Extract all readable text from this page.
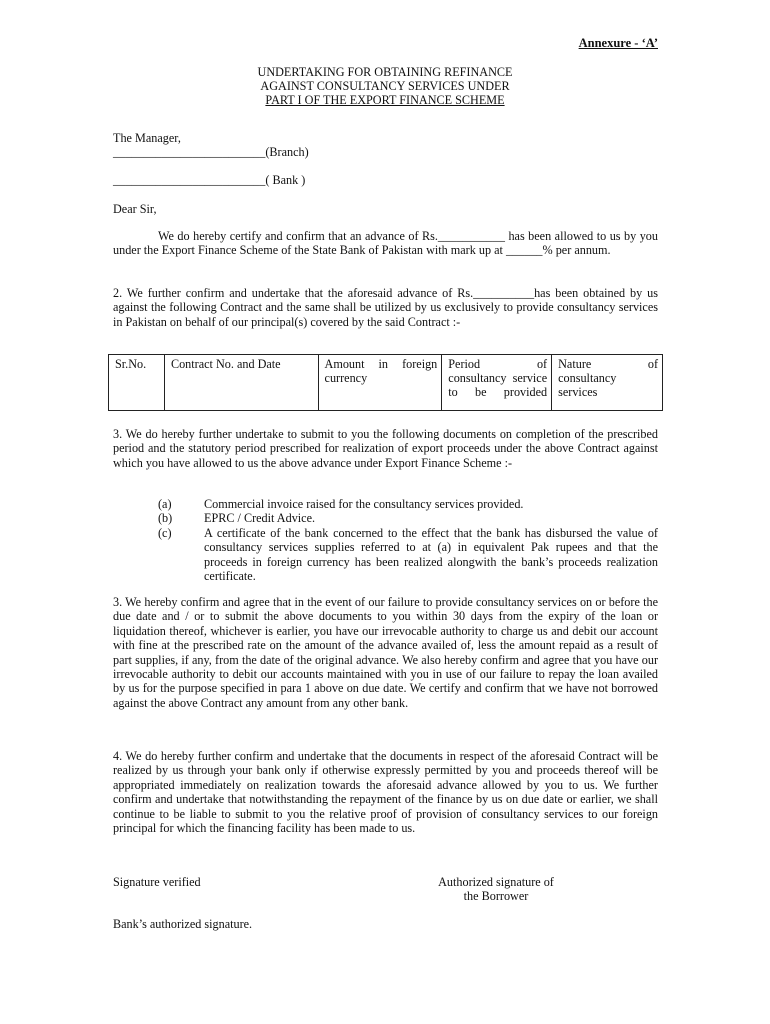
Annexure - ‘A’
UNDERTAKING FOR OBTAINING REFINANCE
AGAINST CONSULTANCY SERVICES UNDER
PART I OF THE EXPORT FINANCE SCHEME
The Manager,
_________________________(Branch)
_________________________( Bank )
Dear Sir,
We do hereby certify and confirm that an advance of Rs.___________ has been allowed to us by you under the Export Finance Scheme of the State Bank of Pakistan with mark up at ______% per annum.
2. We further confirm and undertake that the aforesaid advance of Rs.__________has been obtained by us against the following Contract and the same shall be utilized by us exclusively to provide consultancy services in Pakistan on behalf of our principal(s) covered by the said Contract :-
Sr.No.	Contract No. and Date	Amount in foreign currency	Period of consultancy service to be provided	Nature of consultancy services
3. We do hereby further undertake to submit to you the following documents on completion of the prescribed period and the statutory period prescribed for realization of export proceeds under the above Contract against which you have allowed to us the above advance under Export Finance Scheme :-
(a)	Commercial invoice raised for the consultancy services provided.
(b)	EPRC / Credit Advice.
(c)	A certificate of the bank concerned to the effect that the bank has disbursed the value of consultancy services supplies referred to at (a) in equivalent Pak rupees and that the proceeds in foreign currency has been realized alongwith the bank’s proceeds realization certificate.
3. We hereby confirm and agree that in the event of our failure to provide consultancy services on or before the due date and / or to submit the above documents to you within 30 days from the expiry of the loan or liquidation thereof, whichever is earlier, you have our irrevocable authority to charge us and debit our account with fine at the prescribed rate on the amount of the advance availed of, less the amount repaid as a result of part supplies, if any, from the date of the original advance. We also hereby confirm and agree that you have our irrevocable authority to debit our accounts maintained with you in use of our failure to repay the loan availed by us for the purpose specified in para 1 above on due date. We certify and confirm that we have not borrowed against the above Contract any amount from any other bank.
4. We do hereby further confirm and undertake that the documents in respect of the aforesaid Contract will be realized by us through your bank only if otherwise expressly permitted by you and proceeds thereof will be appropriated immediately on realization towards the aforesaid advance allowed by you to us. We further confirm and undertake that notwithstanding the repayment of the finance by us on due date or earlier, we shall continue to be liable to submit to you the relative proof of provision of consultancy services to our foreign principal for which the financing facility has been made to us.
Signature verified	Authorized signature of
the Borrower
Bank’s authorized signature.
